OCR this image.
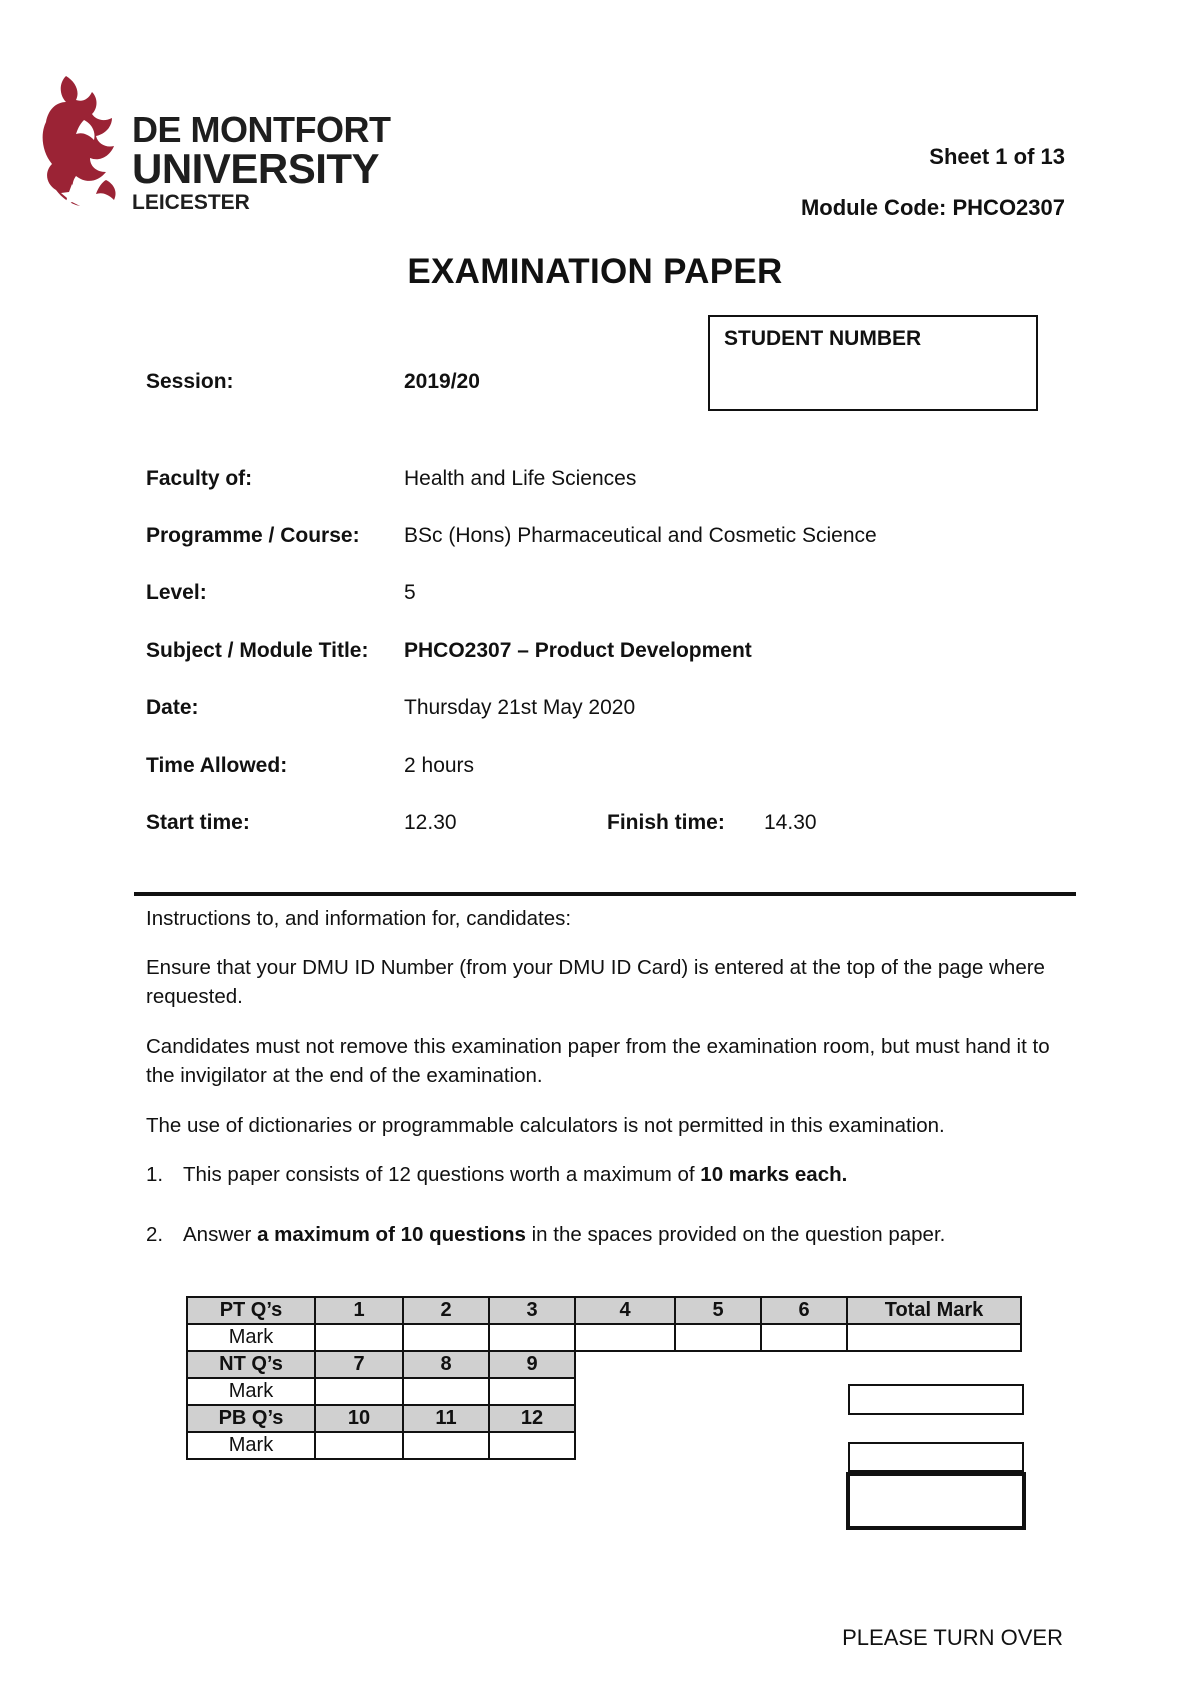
DE MONTFORT
UNIVERSITY
LEICESTER
Sheet 1 of 13
Module Code: PHCO2307
EXAMINATION PAPER
STUDENT NUMBER
Session:	2019/20
Faculty of:	Health and Life Sciences
Programme / Course: BSc (Hons) Pharmaceutical and Cosmetic Science
Level:	5
Subject / Module Title: PHCO2307 – Product Development
Date:	Thursday 21st May 2020
Time Allowed:	2 hours
Start time:	12.30	Finish time: 14.30
Instructions to, and information for, candidates:
Ensure that your DMU ID Number (from your DMU ID Card) is entered at the top of the page where requested.
Candidates must not remove this examination paper from the examination room, but must hand it to the invigilator at the end of the examination.
The use of dictionaries or programmable calculators is not permitted in this examination.
1. This paper consists of 12 questions worth a maximum of 10 marks each.
2. Answer a maximum of 10 questions in the spaces provided on the question paper.
PT Q’s	1	2	3	4	5	6	Total Mark
Mark							
NT Q’s	7	8	9				
Mark							
PB Q’s	10	11	12				
Mark							
PLEASE TURN OVER
